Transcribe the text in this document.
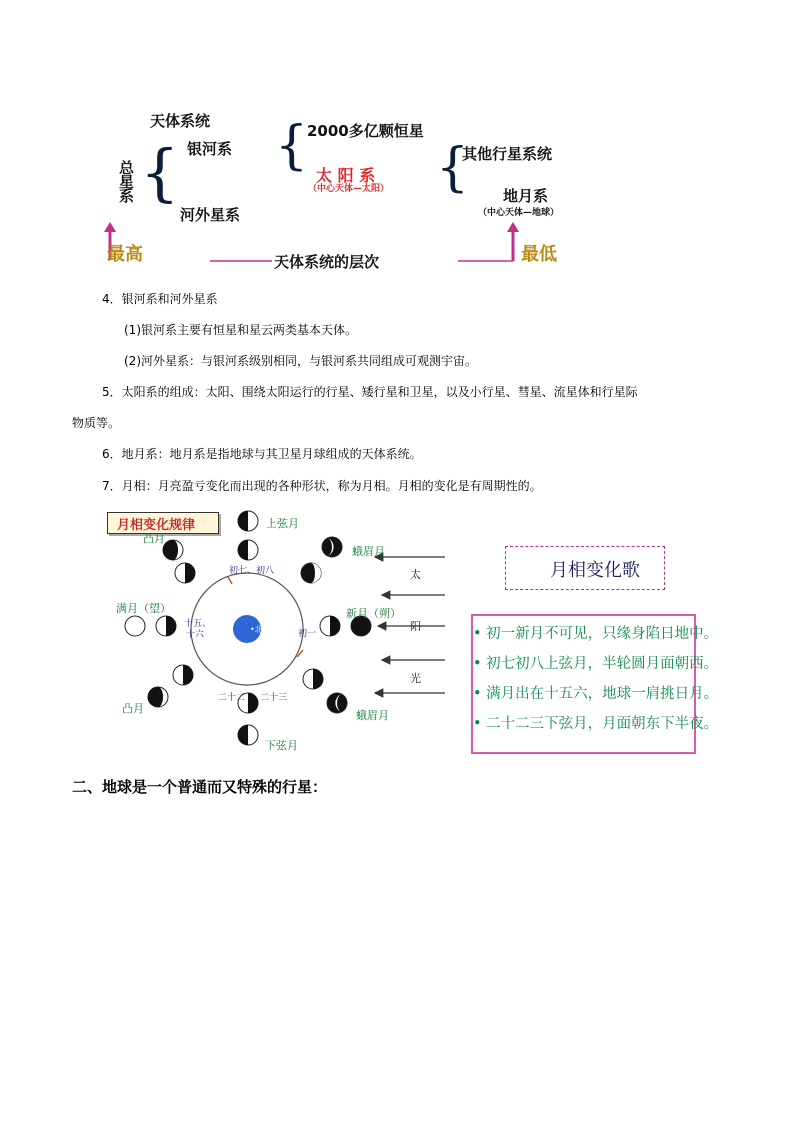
天体系统
总星系 { 银河系 {
2000多亿颗恒星
太 阳 系
（中心天体—太阳） {
其他行星系统
地月系
（中心天体—地球）
河外星系
最高	天体系统的层次	最低
4．银河系和河外星系
(1)银河系主要有恒星和星云两类基本天体。
(2)河外星系：与银河系级别相同，与银河系共同组成可观测宇宙。
5．太阳系的组成：太阳、围绕太阳运行的行星、矮行星和卫星，以及小行星、彗星、流星体和行星际
物质等。
6．地月系：地月系是指地球与其卫星月球组成的天体系统。
7．月相：月亮盈亏变化而出现的各种形状，称为月相。月相的变化是有周期性的。
月相变化规律	上弦月
凸月
蛾眉月
满月（望）	新月（朔）
凸月
蛾眉月
下弦月
初七、初八
十五、
十六	初一
二十二 二十三
•北极
太
阳
光
月相变化歌
• 初一新月不可见，只缘身陷日地中。
• 初七初八上弦月，半轮圆月面朝西。
• 满月出在十五六，地球一肩挑日月。
• 二十二三下弦月，月面朝东下半夜。
二、地球是一个普通而又特殊的行星：
